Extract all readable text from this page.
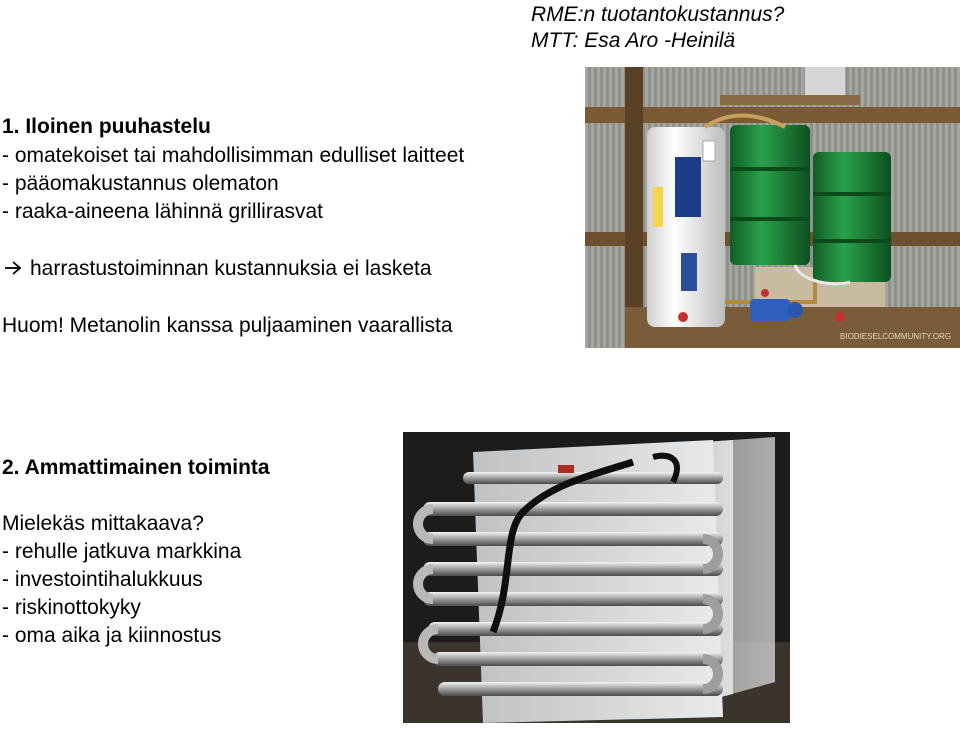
RME:n tuotantokustannus?
MTT: Esa Aro -Heinilä
1. Iloinen puuhastelu
- omatekoiset tai mahdollisimman edulliset laitteet
- pääomakustannus olematon
- raaka-aineena lähinnä grillirasvat
harrastustoiminnan kustannuksia ei lasketa
Huom! Metanolin kanssa puljaaminen vaarallista
2. Ammattimainen toiminta
Mielekäs mittakaava?
- rehulle jatkuva markkina
- investointihalukkuus
- riskinottokyky
- oma aika ja kiinnostus
BIODIESELCOMMUNITY.ORG
